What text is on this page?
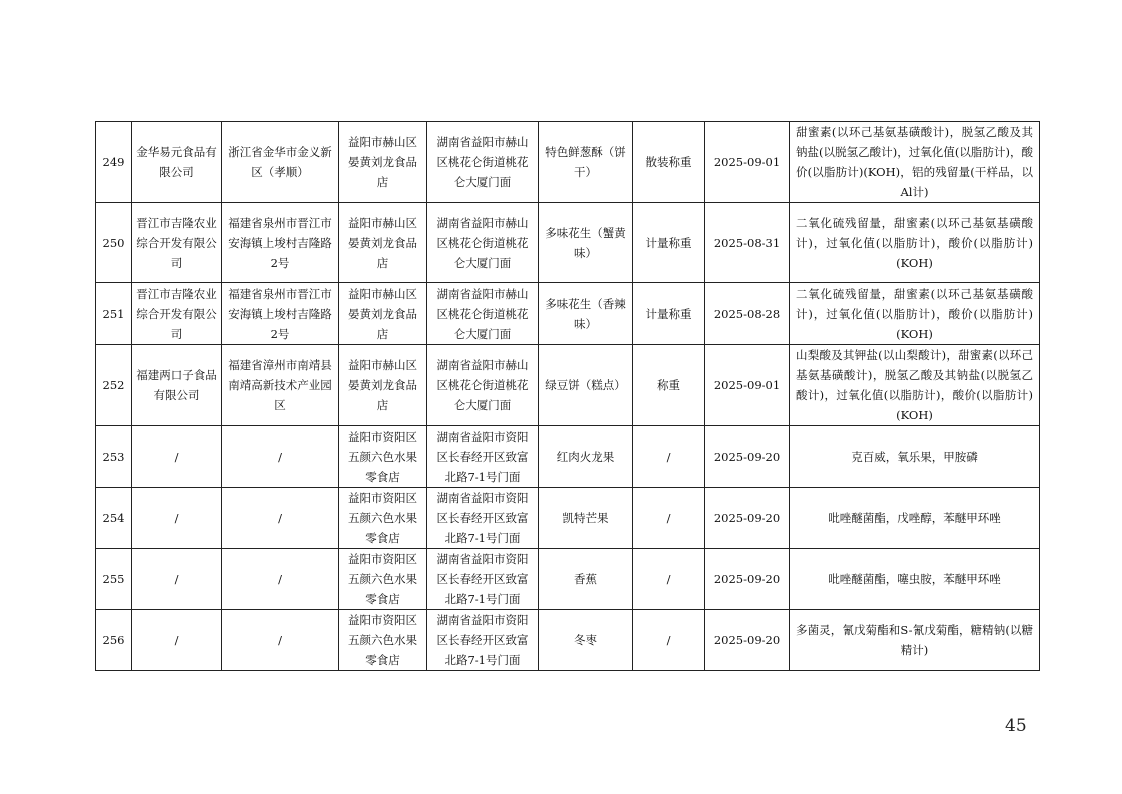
249	金华易元食品有限公司	浙江省金华市金义新区（孝顺）	益阳市赫山区晏黄刘龙食品店	湖南省益阳市赫山区桃花仑街道桃花仑大厦门面	特色鲜葱酥（饼干）	散装称重	2025-09-01	甜蜜素(以环己基氨基磺酸计)，脱氢乙酸及其钠盐(以脱氢乙酸计)，过氧化值(以脂肪计)，酸价(以脂肪计)(KOH)，铝的残留量(干样品，以Al计)
250	晋江市吉隆农业综合开发有限公司	福建省泉州市晋江市安海镇上埈村吉隆路2号	益阳市赫山区晏黄刘龙食品店	湖南省益阳市赫山区桃花仑街道桃花仑大厦门面	多味花生（蟹黄味）	计量称重	2025-08-31	二氧化硫残留量，甜蜜素(以环己基氨基磺酸计)，过氧化值(以脂肪计)，酸价(以脂肪计)(KOH)
251	晋江市吉隆农业综合开发有限公司	福建省泉州市晋江市安海镇上埈村吉隆路2号	益阳市赫山区晏黄刘龙食品店	湖南省益阳市赫山区桃花仑街道桃花仑大厦门面	多味花生（香辣味）	计量称重	2025-08-28	二氧化硫残留量，甜蜜素(以环己基氨基磺酸计)，过氧化值(以脂肪计)，酸价(以脂肪计)(KOH)
252	福建两口子食品有限公司	福建省漳州市南靖县南靖高新技术产业园区	益阳市赫山区晏黄刘龙食品店	湖南省益阳市赫山区桃花仑街道桃花仑大厦门面	绿豆饼（糕点）	称重	2025-09-01	山梨酸及其钾盐(以山梨酸计)，甜蜜素(以环己基氨基磺酸计)，脱氢乙酸及其钠盐(以脱氢乙酸计)，过氧化值(以脂肪计)，酸价(以脂肪计)(KOH)
253	/	/	益阳市资阳区五颜六色水果零食店	湖南省益阳市资阳区长春经开区致富北路7-1号门面	红肉火龙果	/	2025-09-20	克百威，氧乐果，甲胺磷
254	/	/	益阳市资阳区五颜六色水果零食店	湖南省益阳市资阳区长春经开区致富北路7-1号门面	凯特芒果	/	2025-09-20	吡唑醚菌酯，戊唑醇，苯醚甲环唑
255	/	/	益阳市资阳区五颜六色水果零食店	湖南省益阳市资阳区长春经开区致富北路7-1号门面	香蕉	/	2025-09-20	吡唑醚菌酯，噻虫胺，苯醚甲环唑
256	/	/	益阳市资阳区五颜六色水果零食店	湖南省益阳市资阳区长春经开区致富北路7-1号门面	冬枣	/	2025-09-20	多菌灵，氰戊菊酯和S-氰戊菊酯，糖精钠(以糖精计)
45
